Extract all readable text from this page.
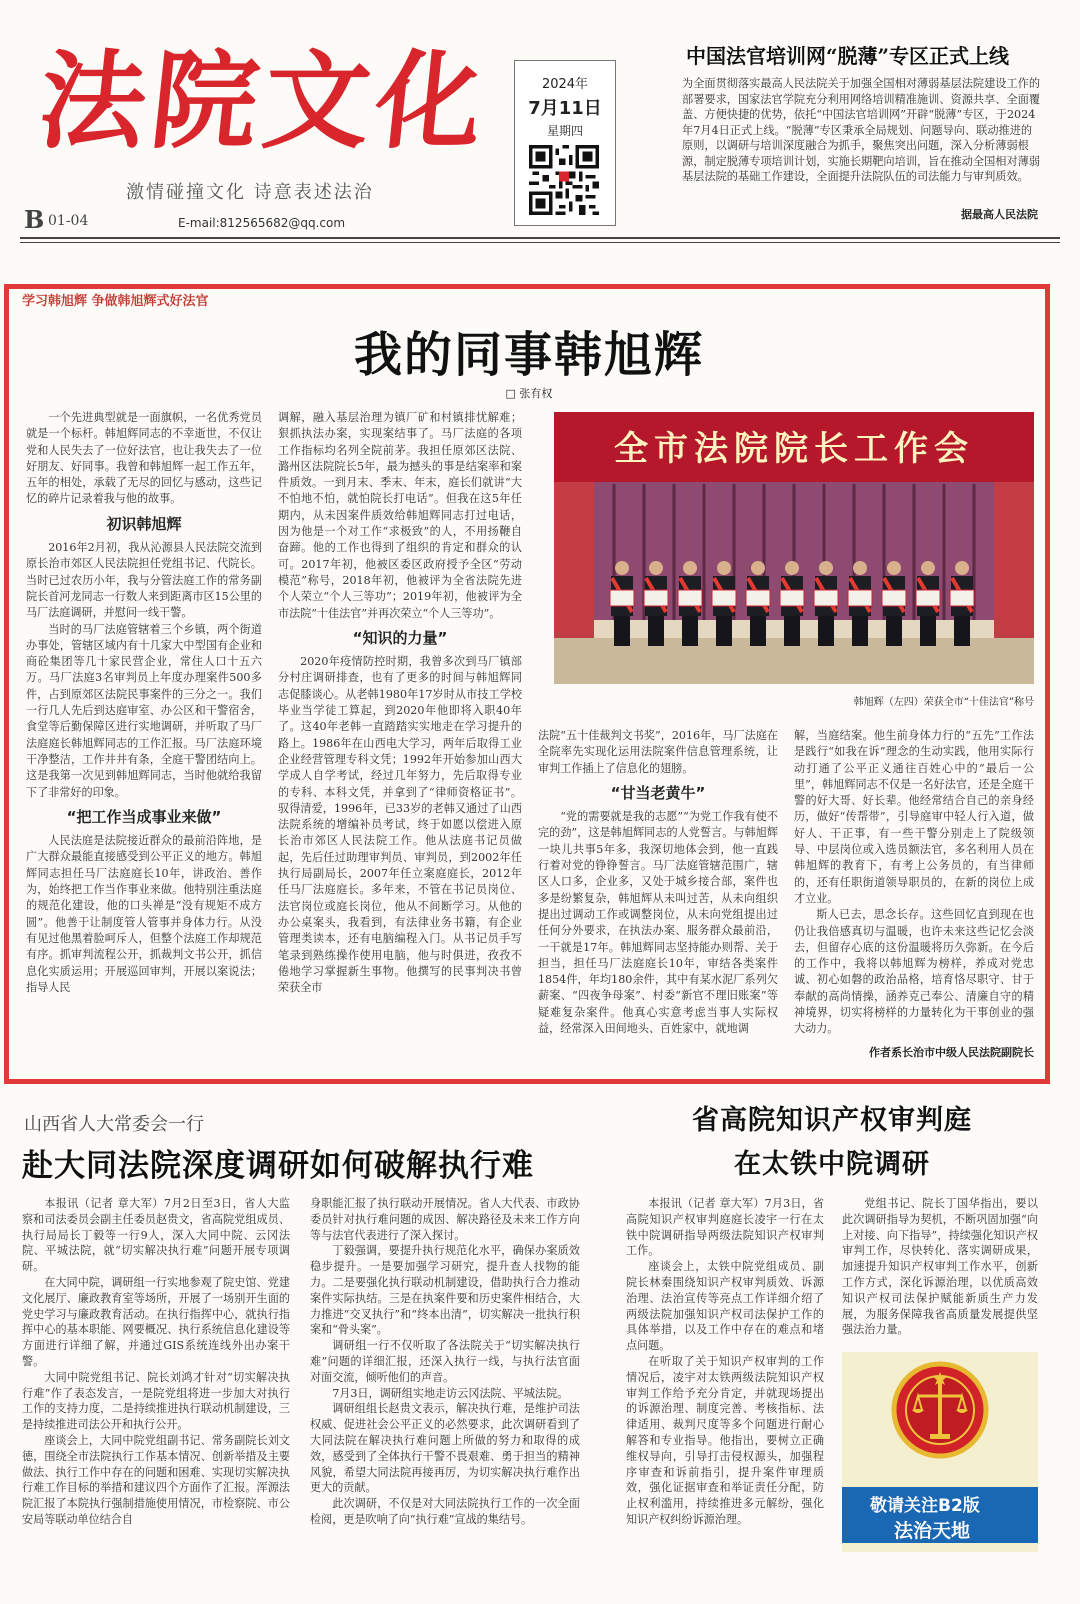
法院文化
激情碰撞文化 诗意表述法治
B 01-04	E-mail:812565682@qq.com
2024年
7月11日
星期四
中国法官培训网“脱薄”专区正式上线

为全面贯彻落实最高人民法院关于加强全国相对薄弱基层法院建设工作的部署要求，国家法官学院充分利用网络培训精准施训、资源共享、全面覆盖、方便快捷的优势，依托“中国法官培训网”开辟“脱薄”专区，于2024年7月4日正式上线。“脱薄”专区秉承全局规划、问题导向、联动推进的原则，以调研与培训深度融合为抓手，聚焦突出问题，深入分析薄弱根源，制定脱薄专项培训计划，实施长期靶向培训，旨在推动全国相对薄弱基层法院的基础工作建设，全面提升法院队伍的司法能力与审判质效。

据最高人民法院
学习韩旭辉 争做韩旭辉式好法官
我的同事韩旭辉
□ 张有权

一个先进典型就是一面旗帜，一名优秀党员就是一个标杆。韩旭辉同志的不幸逝世，不仅让党和人民失去了一位好法官，也让我失去了一位好朋友、好同事。我曾和韩旭辉一起工作五年，五年的相处，承载了无尽的回忆与感动，这些记忆的碎片记录着我与他的故事。

初识韩旭辉

2016年2月初，我从沁源县人民法院交流到原长治市郊区人民法院担任党组书记、代院长。当时已过农历小年，我与分管法庭工作的常务副院长首河龙同志一行数人来到距离市区15公里的马厂法庭调研，并慰问一线干警。

当时的马厂法庭管辖着三个乡镇，两个街道办事处，管辖区域内有十几家大中型国有企业和商砼集团等几十家民营企业，常住人口十五六万。马厂法庭3名审判员上年度办理案件500多件，占到原郊区法院民事案件的三分之一。我们一行几人先后到达庭审室、办公区和干警宿舍，食堂等后勤保障区进行实地调研，并听取了马厂法庭庭长韩旭辉同志的工作汇报。马厂法庭环境干净整洁，工作井井有条，全庭干警团结向上。这是我第一次见到韩旭辉同志，当时他就给我留下了非常好的印象。

“把工作当成事业来做”

人民法庭是法院接近群众的最前沿阵地，是广大群众最能直接感受到公平正义的地方。韩旭辉同志担任马厂法庭庭长10年，讲政治、善作为，始终把工作当作事业来做。他特别注重法庭的规范化建设，他的口头禅是“没有规矩不成方圆”。他善于让制度管人管事并身体力行。从没有见过他黑着脸呵斥人，但整个法庭工作却规范有序。抓审判流程公开，抓裁判文书公开，抓信息化实质运用；开展巡回审判，开展以案说法；指导人民

调解，融入基层治理为镇厂矿和村镇排忧解难；狠抓执法办案，实现案结事了。马厂法庭的各项工作指标均名列全院前茅。我担任原郊区法院、潞州区法院院长5年，最为撼头的事是结案率和案件质效。一到月末、季末、年末，庭长们就讲“大不怕地不怕，就怕院长打电话”。但我在这5年任期内，从未因案件质效给韩旭辉同志打过电话，因为他是一个对工作“求极致”的人，不用扬鞭自奋蹄。他的工作也得到了组织的肯定和群众的认可。2017年初，他被区委区政府授予全区“劳动模范”称号，2018年初，他被评为全省法院先进个人荣立“个人三等功”；2019年初，他被评为全市法院“十佳法官”并再次荣立“个人三等功”。

“知识的力量”

2020年疫情防控时期，我曾多次到马厂镇部分村庄调研排查，也有了更多的时间与韩旭辉同志促膝谈心。从老韩1980年17岁时从市技工学校毕业当学徒工算起，到2020年他即将入职40年了。这40年老韩一直踏踏实实地走在学习提升的路上。1986年在山西电大学习，两年后取得工业企业经营管理专科文凭；1992年开始参加山西大学成人自学考试，经过几年努力，先后取得专业的专科、本科文凭，并拿到了“律师资格证书”。驭得清爱，1996年，已33岁的老韩又通过了山西法院系统的增编补员考试，终于如愿以偿进入原长治市郊区人民法院工作。他从法庭书记员做起，先后任过助理审判员、审判员，到2002年任执行局副局长，2007年任立案庭庭长，2012年任马厂法庭庭长。多年来，不管在书记员岗位、法官岗位或庭长岗位，他从不间断学习。从他的办公桌案头，我看到，有法律业务书籍，有企业管理类读本，还有电脑编程入门。从书记员手写笔录到熟练操作使用电脑，他与时俱进，孜孜不倦地学习掌握新生事物。他撰写的民事判决书曾荣获全市

全市法院院长工作会
韩旭辉（左四）荣获全市“十佳法官”称号

法院“五十佳裁判文书奖”，2016年，马厂法庭在全院率先实现化运用法院案件信息管理系统，让审判工作插上了信息化的翅膀。

“甘当老黄牛”

“党的需要就是我的志愿”“为党工作我有使不完的劲”，这是韩旭辉同志的人党誓言。与韩旭辉一块儿共事5年多，我深切地体会到，他一直践行着对党的铮铮誓言。马厂法庭管辖范围广，辖区人口多，企业多，又处于城乡接合部，案件也多是纷繁复杂，韩旭辉从未叫过苦，从未向组织提出过调动工作或调整岗位，从未向党组提出过任何分外要求，在执法办案、服务群众最前沿，一干就是17年。韩旭辉同志坚持能办则帮、关于担当，担任马厂法庭庭长10年，审结各类案件1854件，年均180余件，其中有某水泥厂系列欠薪案、“四夜争母案”、村委“新官不理旧账案”等疑难复杂案件。他真心实意考虑当事人实际权益，经常深入田间地头、百姓家中，就地调

解，当庭结案。他生前身体力行的“五先”工作法是践行“如我在诉”理念的生动实践，他用实际行动打通了公平正义通往百姓心中的“最后一公里”，韩旭辉同志不仅是一名好法官，还是全庭干警的好大哥、好长辈。他经常结合自己的亲身经历，做好“传帮带”，引导庭审中轻人行入道，做好人、干正事，有一些干警分别走上了院级领导、中层岗位或入选员额法官，多名利用人员在韩旭辉的教育下，有考上公务员的，有当律师的，还有任职街道领导职员的，在新的岗位上成才立业。

斯人已去，思念长存。这些回忆直到现在也仍让我倍感真切与温暖，也许未来这些记忆会淡去，但留存心底的这份温暖将历久弥新。在今后的工作中，我将以韩旭辉为榜样，养成对党忠诚、初心如磐的政治品格，培育恪尽职守、甘于奉献的高尚情操，涵养克己奉公、清廉自守的精神境界，切实将榜样的力量转化为干事创业的强大动力。

作者系长治市中级人民法院副院长
山西省人大常委会一行
赴大同法院深度调研如何破解执行难

本报讯（记者 章大军）7月2日至3日，省人大监察和司法委员会副主任委员赵贵文，省高院党组成员、执行局局长丁毅等一行9人，深入大同中院、云冈法院、平城法院，就“切实解决执行难”问题开展专项调研。

在大同中院，调研组一行实地参观了院史馆、党建文化展厅、廉政教育室等场所，开展了一场别开生面的党史学习与廉政教育活动。在执行指挥中心，就执行指挥中心的基本职能、网要概况、执行系统信息化建设等方面进行详细了解，并通过GIS系统连线外出办案干警。

大同中院党组书记、院长刘鸿才针对“切实解决执行难”作了表态发言，一是院党组将进一步加大对执行工作的支持力度，二是持续推进执行联动机制建设，三是持续推进司法公开和执行公开。

座谈会上，大同中院党组副书记、常务副院长刘文德，围绕全市法院执行工作基本情况、创新举措及主要做法、执行工作中存在的问题和困难、实现切实解决执行难工作目标的举措和建议四个方面作了汇报。浑源法院汇报了本院执行强制措施使用情况，市检察院、市公安局等联动单位结合自

身职能汇报了执行联动开展情况。省人大代表、市政协委员针对执行难问题的成因、解决路径及未来工作方向等与法官代表进行了深入探讨。

丁毅强调，要提升执行规范化水平，确保办案质效稳步提升。一是要加强学习研究，提升查人找物的能力。二是要强化执行联动机制建设，借助执行合力推动案件实际执结。三是在执案件要和历史案件相结合，大力推进“交叉执行”和“终本出清”，切实解决一批执行积案和“骨头案”。

调研组一行不仅听取了各法院关于“切实解决执行难”问题的详细汇报，还深入执行一线，与执行法官面对面交流，倾听他们的声音。

7月3日，调研组实地走访云冈法院、平城法院。

调研组组长赵贵文表示，解决执行难，是维护司法权威、促进社会公平正义的必然要求，此次调研看到了大同法院在解决执行难问题上所做的努力和取得的成效，感受到了全体执行干警不畏艰难、勇于担当的精神风貌，希望大同法院再接再厉，为切实解决执行难作出更大的贡献。

此次调研，不仅是对大同法院执行工作的一次全面检阅，更是吹响了向“执行难”宣战的集结号。

省高院知识产权审判庭
在太铁中院调研

本报讯（记者 章大军）7月3日，省高院知识产权审判庭庭长凌宇一行在太铁中院调研指导两级法院知识产权审判工作。

座谈会上，太铁中院党组成员、副院长林秦围绕知识产权审判质效、诉源治理、法治宣传等亮点工作详细介绍了两级法院加强知识产权司法保护工作的具体举措，以及工作中存在的难点和堵点问题。

在听取了关于知识产权审判的工作情况后，凌宇对太铁两级法院知识产权审判工作给予充分肯定，并就现场提出的诉源治理、制度完善、考核指标、法律适用、裁判尺度等多个问题进行耐心解答和专业指导。他指出，要树立正确维权导向，引导打击侵权源头，加强程序审查和诉前指引，提升案件审理质效，强化证据审查和举证责任分配，防止权利滥用，持续推进多元解纷，强化知识产权纠纷诉源治理。

党组书记、院长丁国华指出，要以此次调研指导为契机，不断巩固加强“向上对接、向下指导”，持续强化知识产权审判工作，尽快转化、落实调研成果，加速提升知识产权审判工作水平，创新工作方式，深化诉源治理，以优质高效知识产权司法保护赋能新质生产力发展，为服务保障我省高质量发展提供坚强法治力量。

敬请关注B2版
法治天地
